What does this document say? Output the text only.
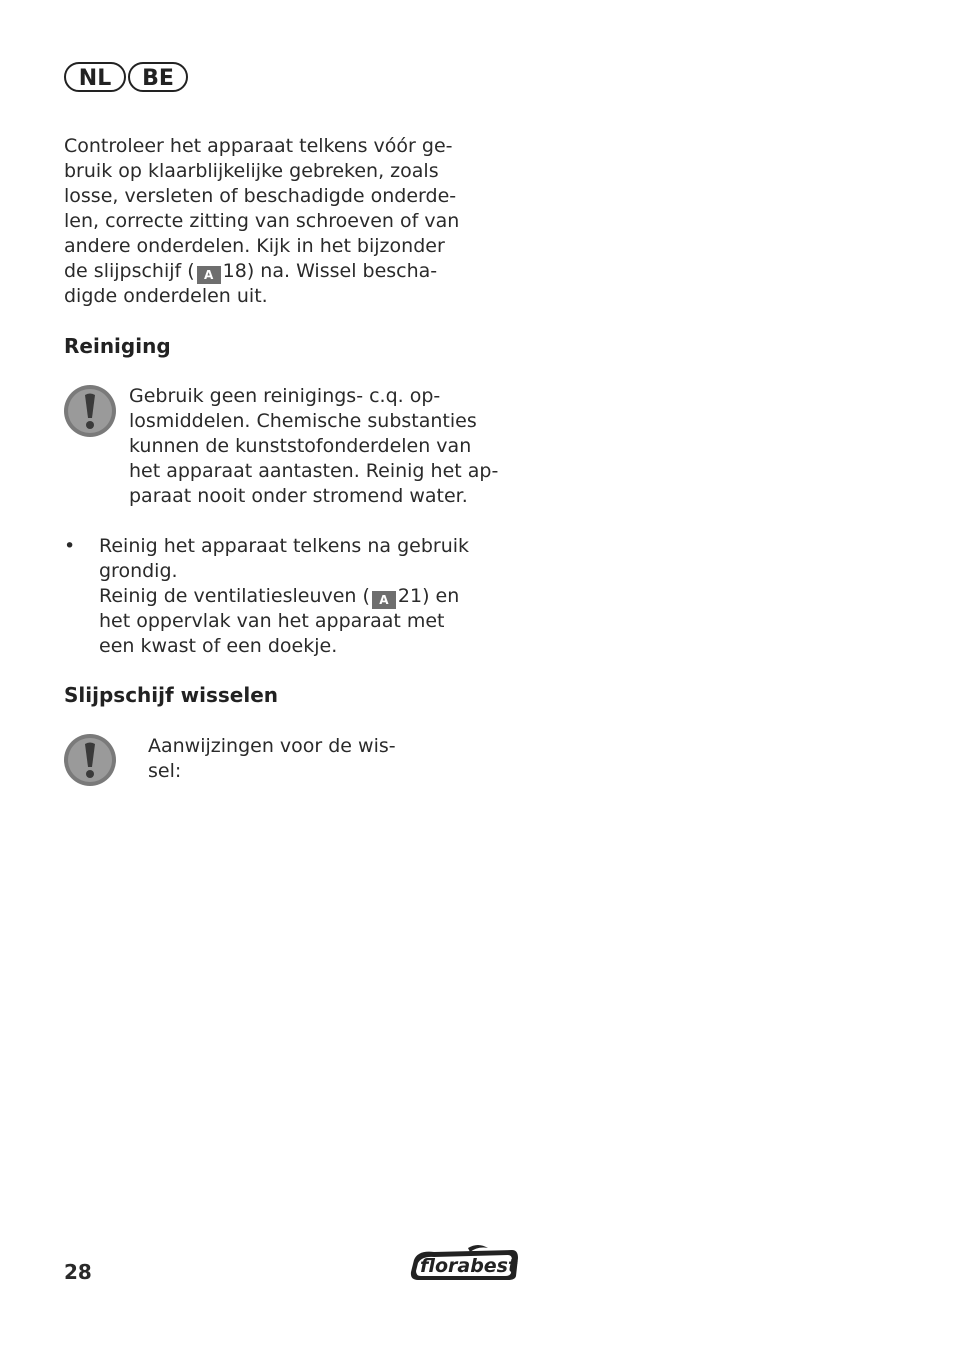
NL	BE
Controleer het apparaat telkens vóór ge-
bruik op klaarblijkelijke gebreken, zoals
losse, versleten of beschadigde onderde-
len, correcte zitting van schroeven of van
andere onderdelen. Kijk in het bijzonder
de slijpschijf ( A 18) na. Wissel bescha-
digde onderdelen uit.
Reiniging
Gebruik geen reinigings- c.q. op-
losmiddelen. Chemische substanties
kunnen de kunststofonderdelen van
het apparaat aantasten. Reinig het ap-
paraat nooit onder stromend water.
• Reinig het apparaat telkens na gebruik
grondig.
Reinig de ventilatiesleuven ( A 21) en
het oppervlak van het apparaat met
een kwast of een doekje.
Slijpschijf wisselen
Aanwijzingen voor de wis-
sel:
28	florabest
